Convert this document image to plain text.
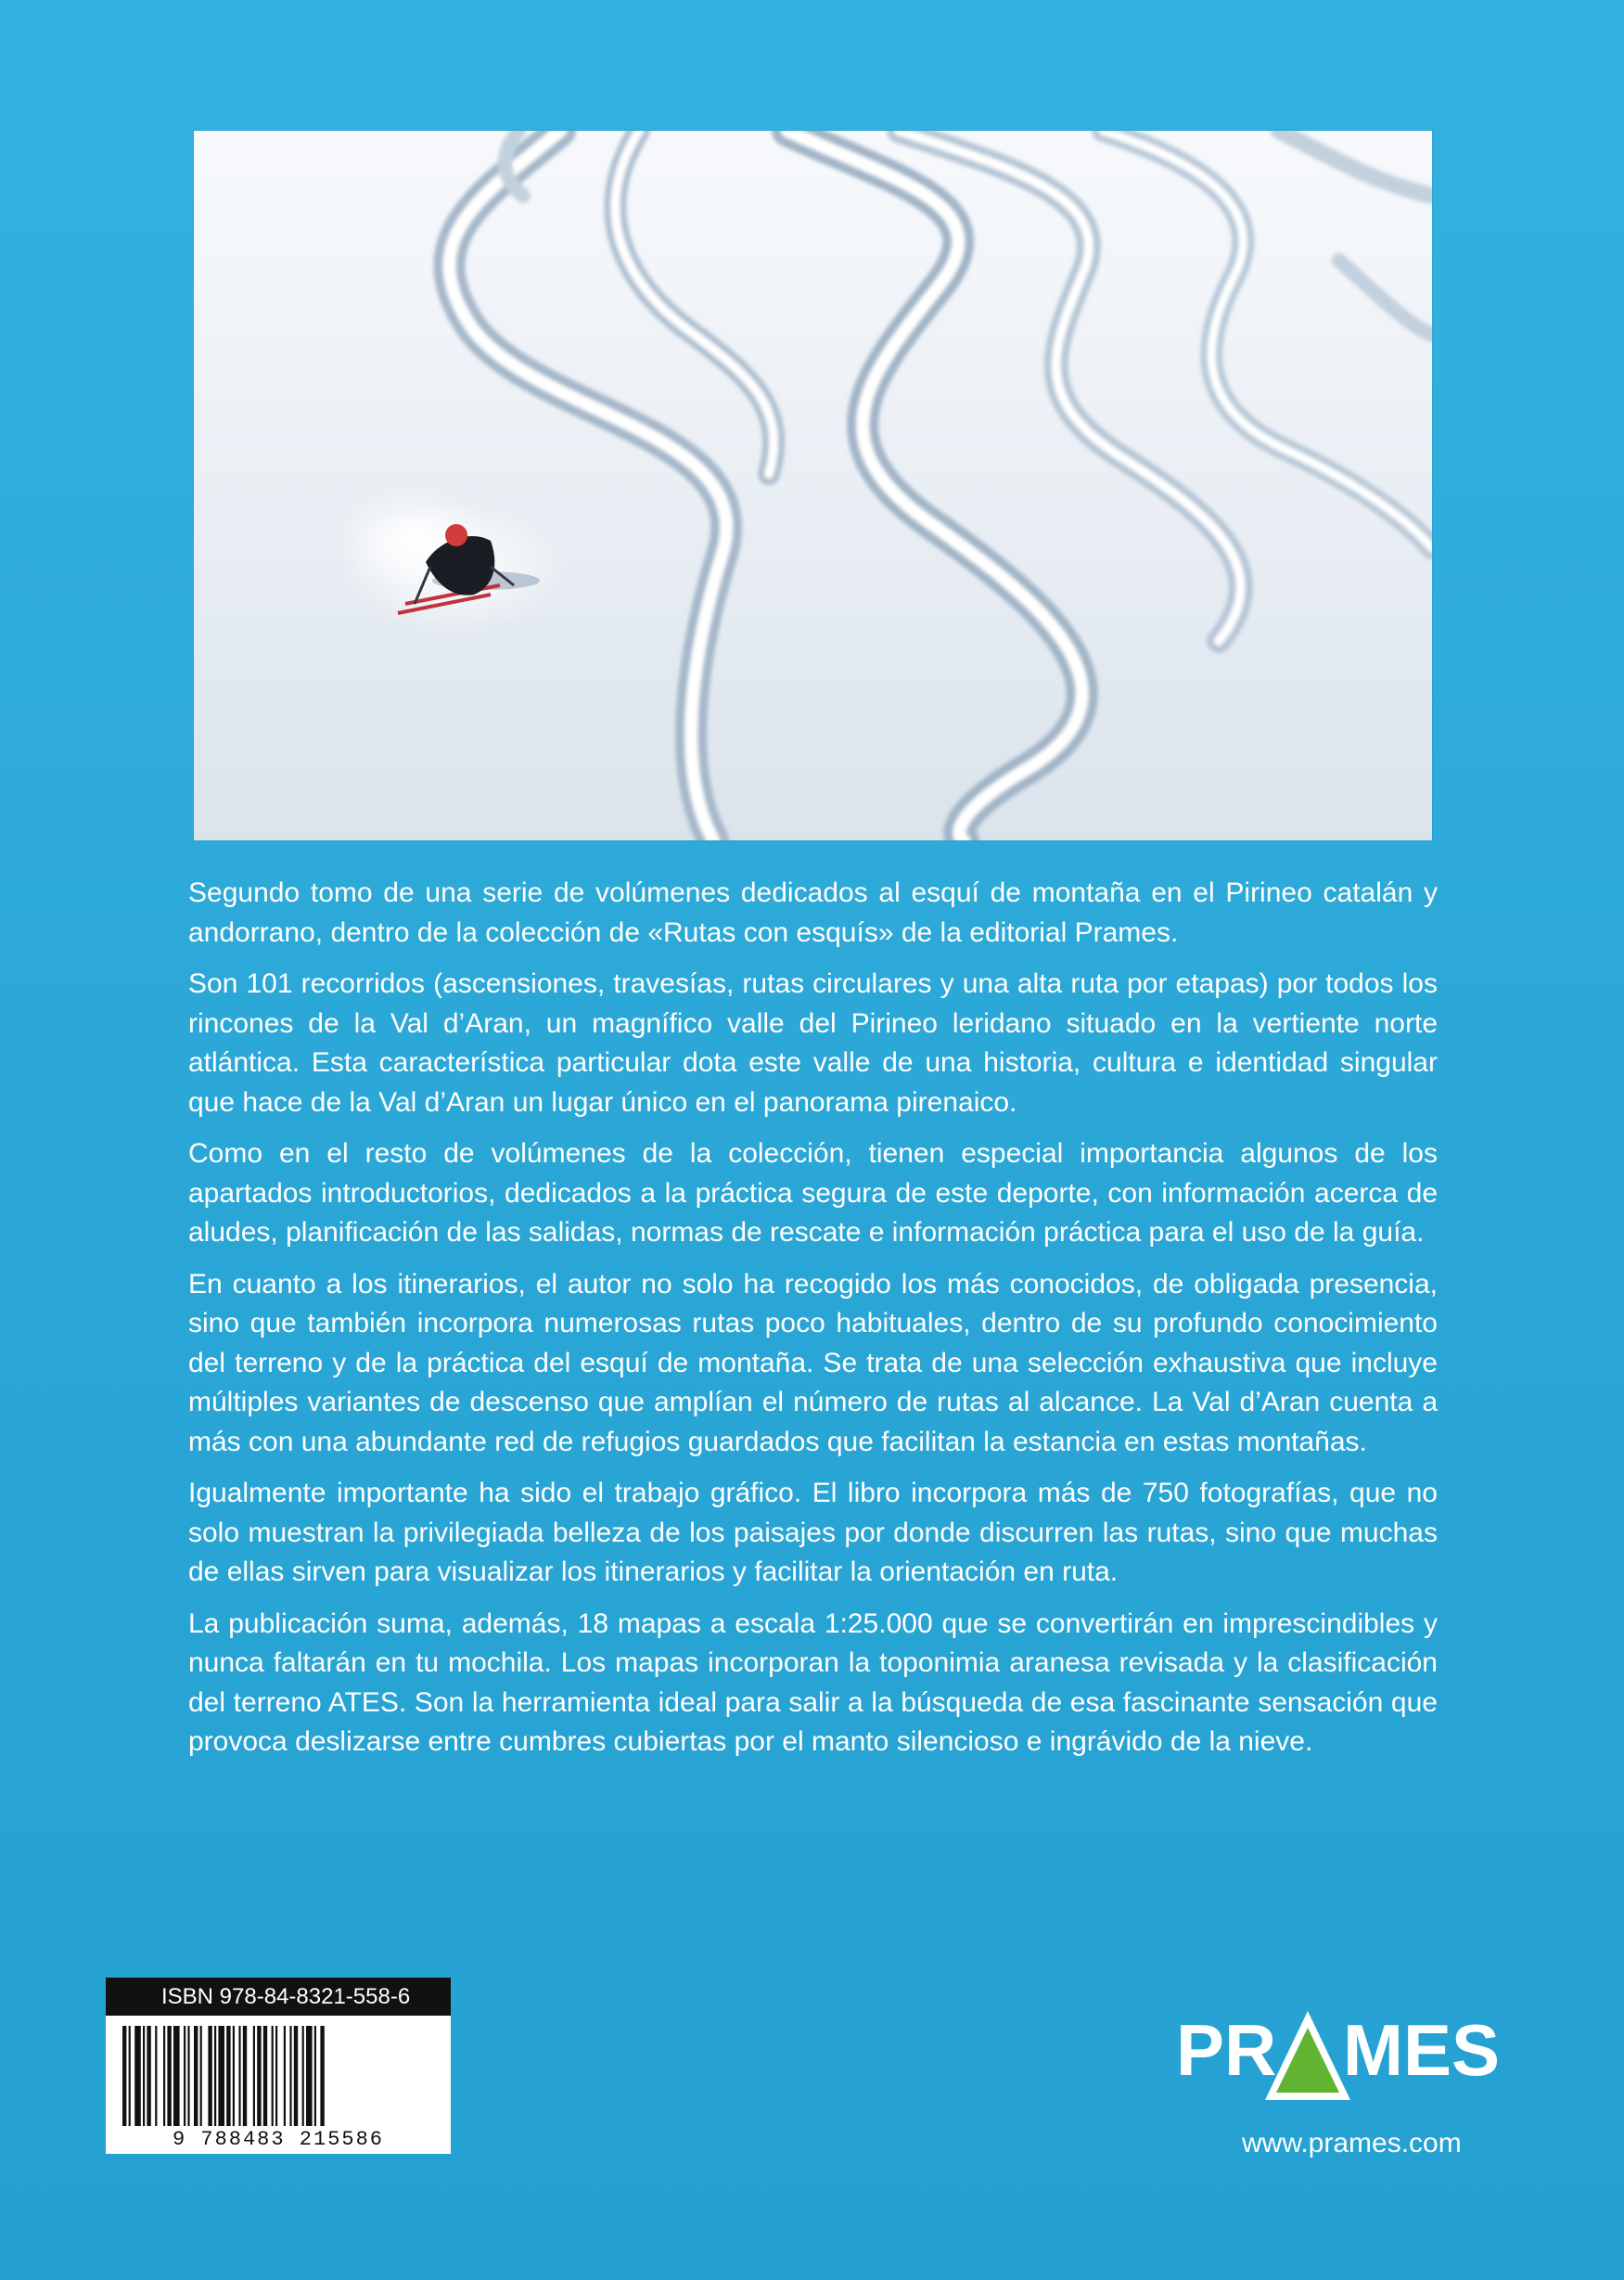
Segundo tomo de una serie de volúmenes dedicados al esquí de montaña en el Pirineo catalán y andorrano, dentro de la colección de «Rutas con esquís» de la editorial Prames.

Son 101 recorridos (ascensiones, travesías, rutas circulares y una alta ruta por etapas) por todos los rincones de la Val d’Aran, un magnífico valle del Pirineo leridano situado en la vertiente norte atlántica. Esta característica particular dota este valle de una historia, cultura e identidad singular que hace de la Val d’Aran un lugar único en el panorama pirenaico.

Como en el resto de volúmenes de la colección, tienen especial importancia algunos de los apartados introductorios, dedicados a la práctica segura de este deporte, con información acerca de aludes, planificación de las salidas, normas de rescate e información práctica para el uso de la guía.

En cuanto a los itinerarios, el autor no solo ha recogido los más conocidos, de obligada presencia, sino que también incorpora numerosas rutas poco habituales, dentro de su profundo conocimiento del terreno y de la práctica del esquí de montaña. Se trata de una selección exhaustiva que incluye múltiples variantes de descenso que amplían el número de rutas al alcance. La Val d’Aran cuenta a más con una abundante red de refugios guardados que facilitan la estancia en estas montañas.

Igualmente importante ha sido el trabajo gráfico. El libro incorpora más de 750 fotografías, que no solo muestran la privilegiada belleza de los paisajes por donde discurren las rutas, sino que muchas de ellas sirven para visualizar los itinerarios y facilitar la orientación en ruta.

La publicación suma, además, 18 mapas a escala 1:25.000 que se convertirán en imprescindibles y nunca faltarán en tu mochila. Los mapas incorporan la toponimia aranesa revisada y la clasificación del terreno ATES. Son la herramienta ideal para salir a la búsqueda de esa fascinante sensación que provoca deslizarse entre cumbres cubiertas por el manto silencioso e ingrávido de la nieve.

ISBN 978-84-8321-558-6
9 788483 215586
PR MES
www.prames.com
